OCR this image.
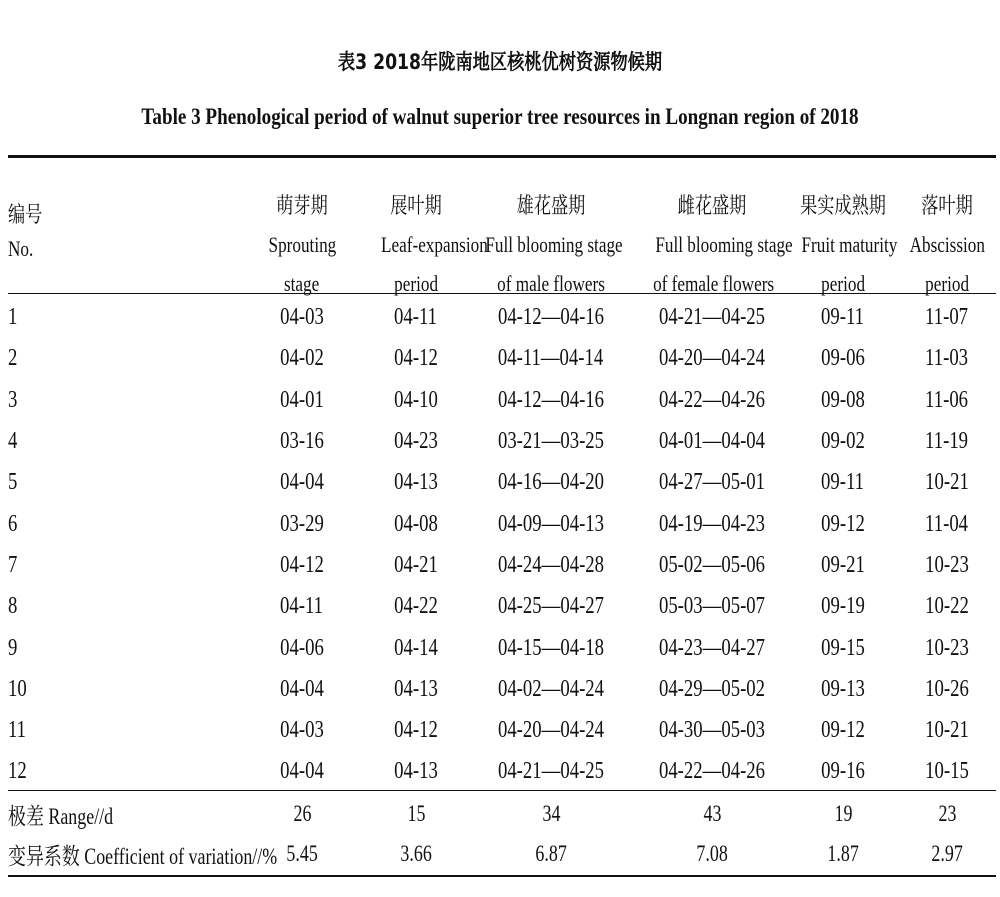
表3 2018年陇南地区核桃优树资源物候期
Table 3 Phenological period of walnut superior tree resources in Longnan region of 2018
编号
No.

萌芽期
Sprouting
stage

展叶期
Leaf-expansion
period

雄花盛期
Full blooming stage
of male flowers

雌花盛期
Full blooming stage
of female flowers

果实成熟期
Fruit maturity
period

落叶期
Abscission
period
1	04-03	04-11	04-12—04-16	04-21—04-25	09-11	11-07
2	04-02	04-12	04-11—04-14	04-20—04-24	09-06	11-03
3	04-01	04-10	04-12—04-16	04-22—04-26	09-08	11-06
4	03-16	04-23	03-21—03-25	04-01—04-04	09-02	11-19
5	04-04	04-13	04-16—04-20	04-27—05-01	09-11	10-21
6	03-29	04-08	04-09—04-13	04-19—04-23	09-12	11-04
7	04-12	04-21	04-24—04-28	05-02—05-06	09-21	10-23
8	04-11	04-22	04-25—04-27	05-03—05-07	09-19	10-22
9	04-06	04-14	04-15—04-18	04-23—04-27	09-15	10-23
10	04-04	04-13	04-02—04-24	04-29—05-02	09-13	10-26
11	04-03	04-12	04-20—04-24	04-30—05-03	09-12	10-21
12	04-04	04-13	04-21—04-25	04-22—04-26	09-16	10-15
极差 Range//d	26	15	34	43	19	23
变异系数 Coefficient of variation//%	5.45	3.66	6.87	7.08	1.87	2.97
